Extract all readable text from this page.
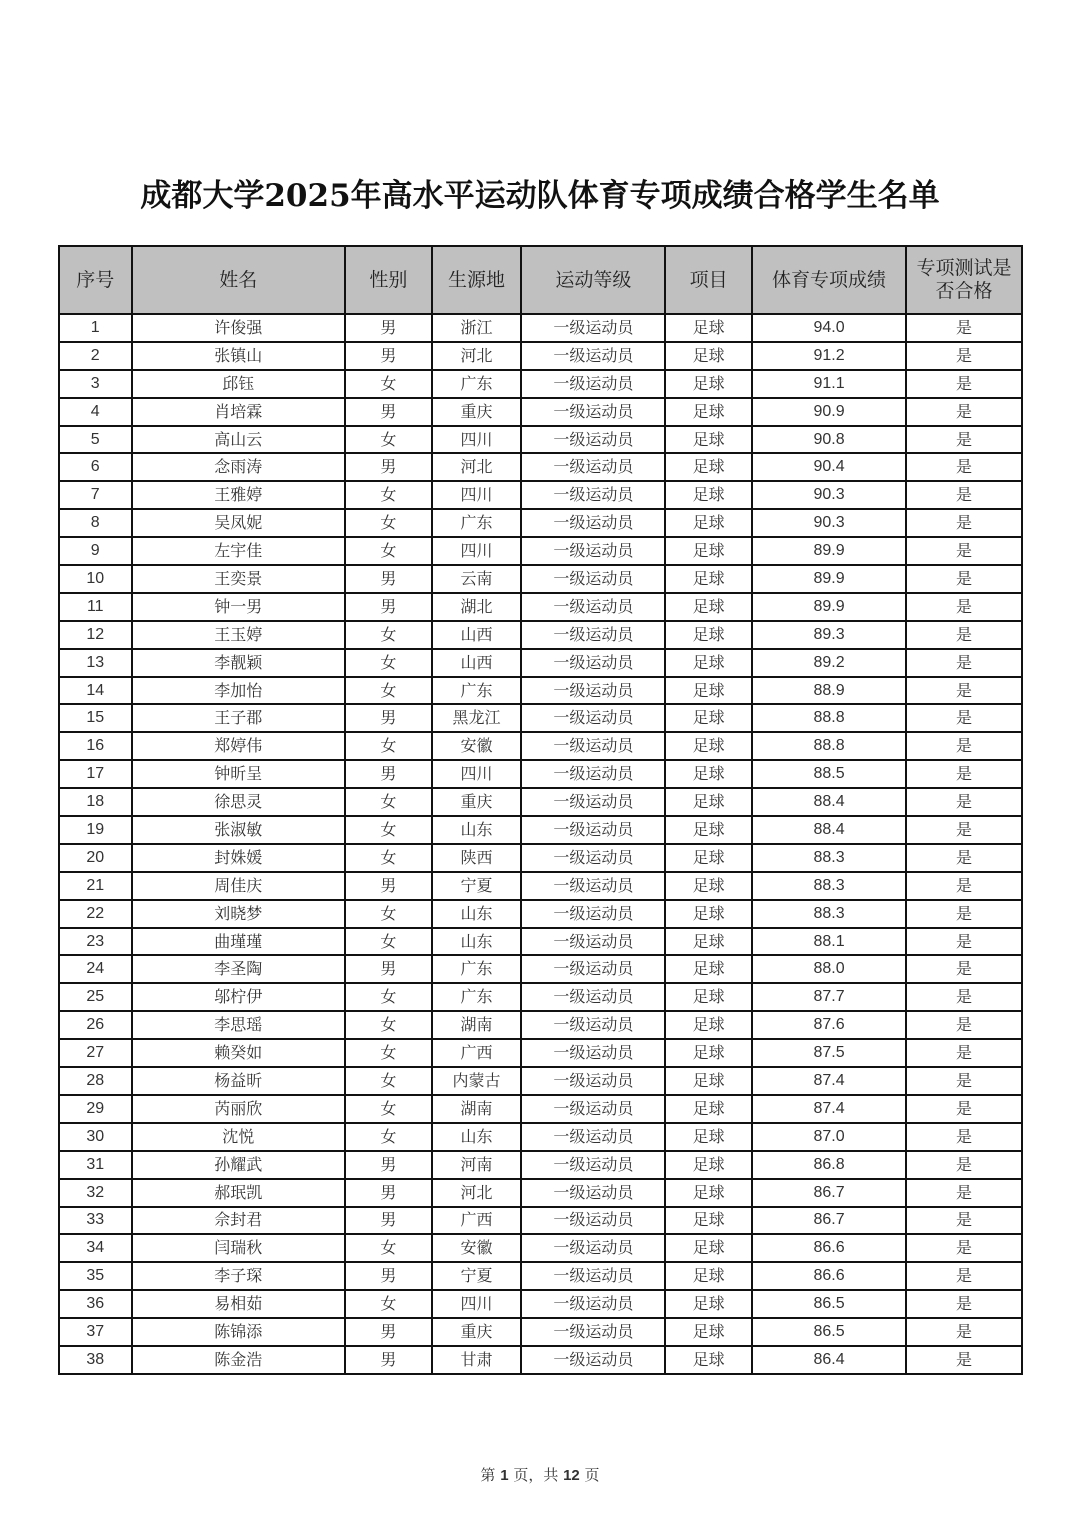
成都大学2025年高水平运动队体育专项成绩合格学生名单
序号	姓名	性别	生源地	运动等级	项目	体育专项成绩	专项测试是否合格
1	许俊强	男	浙江	一级运动员	足球	94.0	是
2	张镇山	男	河北	一级运动员	足球	91.2	是
3	邱钰	女	广东	一级运动员	足球	91.1	是
4	肖培霖	男	重庆	一级运动员	足球	90.9	是
5	高山云	女	四川	一级运动员	足球	90.8	是
6	念雨涛	男	河北	一级运动员	足球	90.4	是
7	王雅婷	女	四川	一级运动员	足球	90.3	是
8	吴凤妮	女	广东	一级运动员	足球	90.3	是
9	左宇佳	女	四川	一级运动员	足球	89.9	是
10	王奕景	男	云南	一级运动员	足球	89.9	是
11	钟一男	男	湖北	一级运动员	足球	89.9	是
12	王玉婷	女	山西	一级运动员	足球	89.3	是
13	李靓颖	女	山西	一级运动员	足球	89.2	是
14	李加怡	女	广东	一级运动员	足球	88.9	是
15	王子郡	男	黑龙江	一级运动员	足球	88.8	是
16	郑婷伟	女	安徽	一级运动员	足球	88.8	是
17	钟昕呈	男	四川	一级运动员	足球	88.5	是
18	徐思灵	女	重庆	一级运动员	足球	88.4	是
19	张淑敏	女	山东	一级运动员	足球	88.4	是
20	封姝媛	女	陕西	一级运动员	足球	88.3	是
21	周佳庆	男	宁夏	一级运动员	足球	88.3	是
22	刘晓梦	女	山东	一级运动员	足球	88.3	是
23	曲瑾瑾	女	山东	一级运动员	足球	88.1	是
24	李圣陶	男	广东	一级运动员	足球	88.0	是
25	邬柠伊	女	广东	一级运动员	足球	87.7	是
26	李思瑶	女	湖南	一级运动员	足球	87.6	是
27	赖癸如	女	广西	一级运动员	足球	87.5	是
28	杨益昕	女	内蒙古	一级运动员	足球	87.4	是
29	芮丽欣	女	湖南	一级运动员	足球	87.4	是
30	沈悦	女	山东	一级运动员	足球	87.0	是
31	孙耀武	男	河南	一级运动员	足球	86.8	是
32	郝珉凯	男	河北	一级运动员	足球	86.7	是
33	佘封君	男	广西	一级运动员	足球	86.7	是
34	闫瑞秋	女	安徽	一级运动员	足球	86.6	是
35	李子琛	男	宁夏	一级运动员	足球	86.6	是
36	易相茹	女	四川	一级运动员	足球	86.5	是
37	陈锦添	男	重庆	一级运动员	足球	86.5	是
38	陈金浩	男	甘肃	一级运动员	足球	86.4	是
第 1 页，共 12 页
